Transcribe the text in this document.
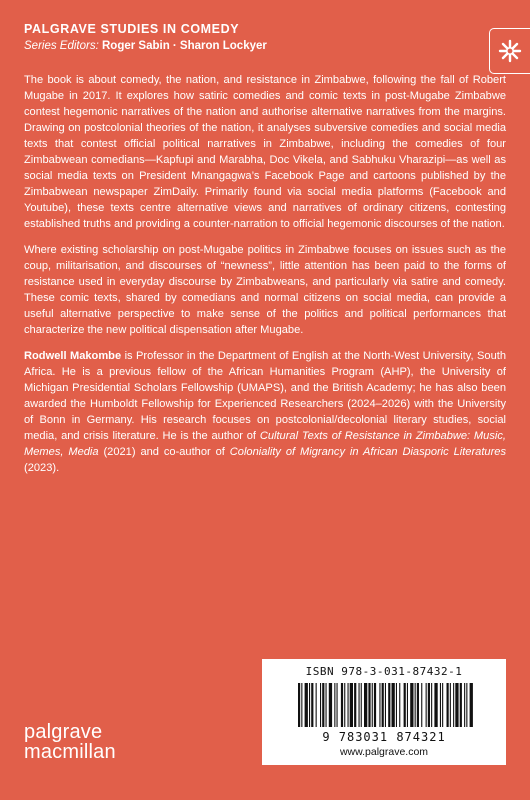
PALGRAVE STUDIES IN COMEDY
Series Editors: Roger Sabin · Sharon Lockyer

The book is about comedy, the nation, and resistance in Zimbabwe, following the fall of Robert Mugabe in 2017. It explores how satiric comedies and comic texts in post-Mugabe Zimbabwe contest hegemonic narratives of the nation and authorise alternative narratives from the margins. Drawing on postcolonial theories of the nation, it analyses subversive comedies and social media texts that contest official political narratives in Zimbabwe, including the comedies of four Zimbabwean comedians—Kapfupi and Marabha, Doc Vikela, and Sabhuku Vharazipi—as well as social media texts on President Mnangagwa’s Facebook Page and cartoons published by the Zimbabwean newspaper ZimDaily. Primarily found via social media platforms (Facebook and Youtube), these texts centre alternative views and narratives of ordinary citizens, contesting established truths and providing a counter-narration to official hegemonic discourses of the nation.

Where existing scholarship on post-Mugabe politics in Zimbabwe focuses on issues such as the coup, militarisation, and discourses of “newness”, little attention has been paid to the forms of resistance used in everyday discourse by Zimbabweans, and particularly via satire and comedy. These comic texts, shared by comedians and normal citizens on social media, can provide a useful alternative perspective to make sense of the politics and political performances that characterize the new political dispensation after Mugabe.

Rodwell Makombe is Professor in the Department of English at the North-West University, South Africa. He is a previous fellow of the African Humanities Program (AHP), the University of Michigan Presidential Scholars Fellowship (UMAPS), and the British Academy; he has also been awarded the Humboldt Fellowship for Experienced Researchers (2024–2026) with the University of Bonn in Germany. His research focuses on postcolonial/decolonial literary studies, social media, and crisis literature. He is the author of Cultural Texts of Resistance in Zimbabwe: Music, Memes, Media (2021) and co-author of Coloniality of Migrancy in African Diasporic Literatures (2023).

palgrave
macmillan
ISBN 978-3-031-87432-1
9 783031 874321
www.palgrave.com
